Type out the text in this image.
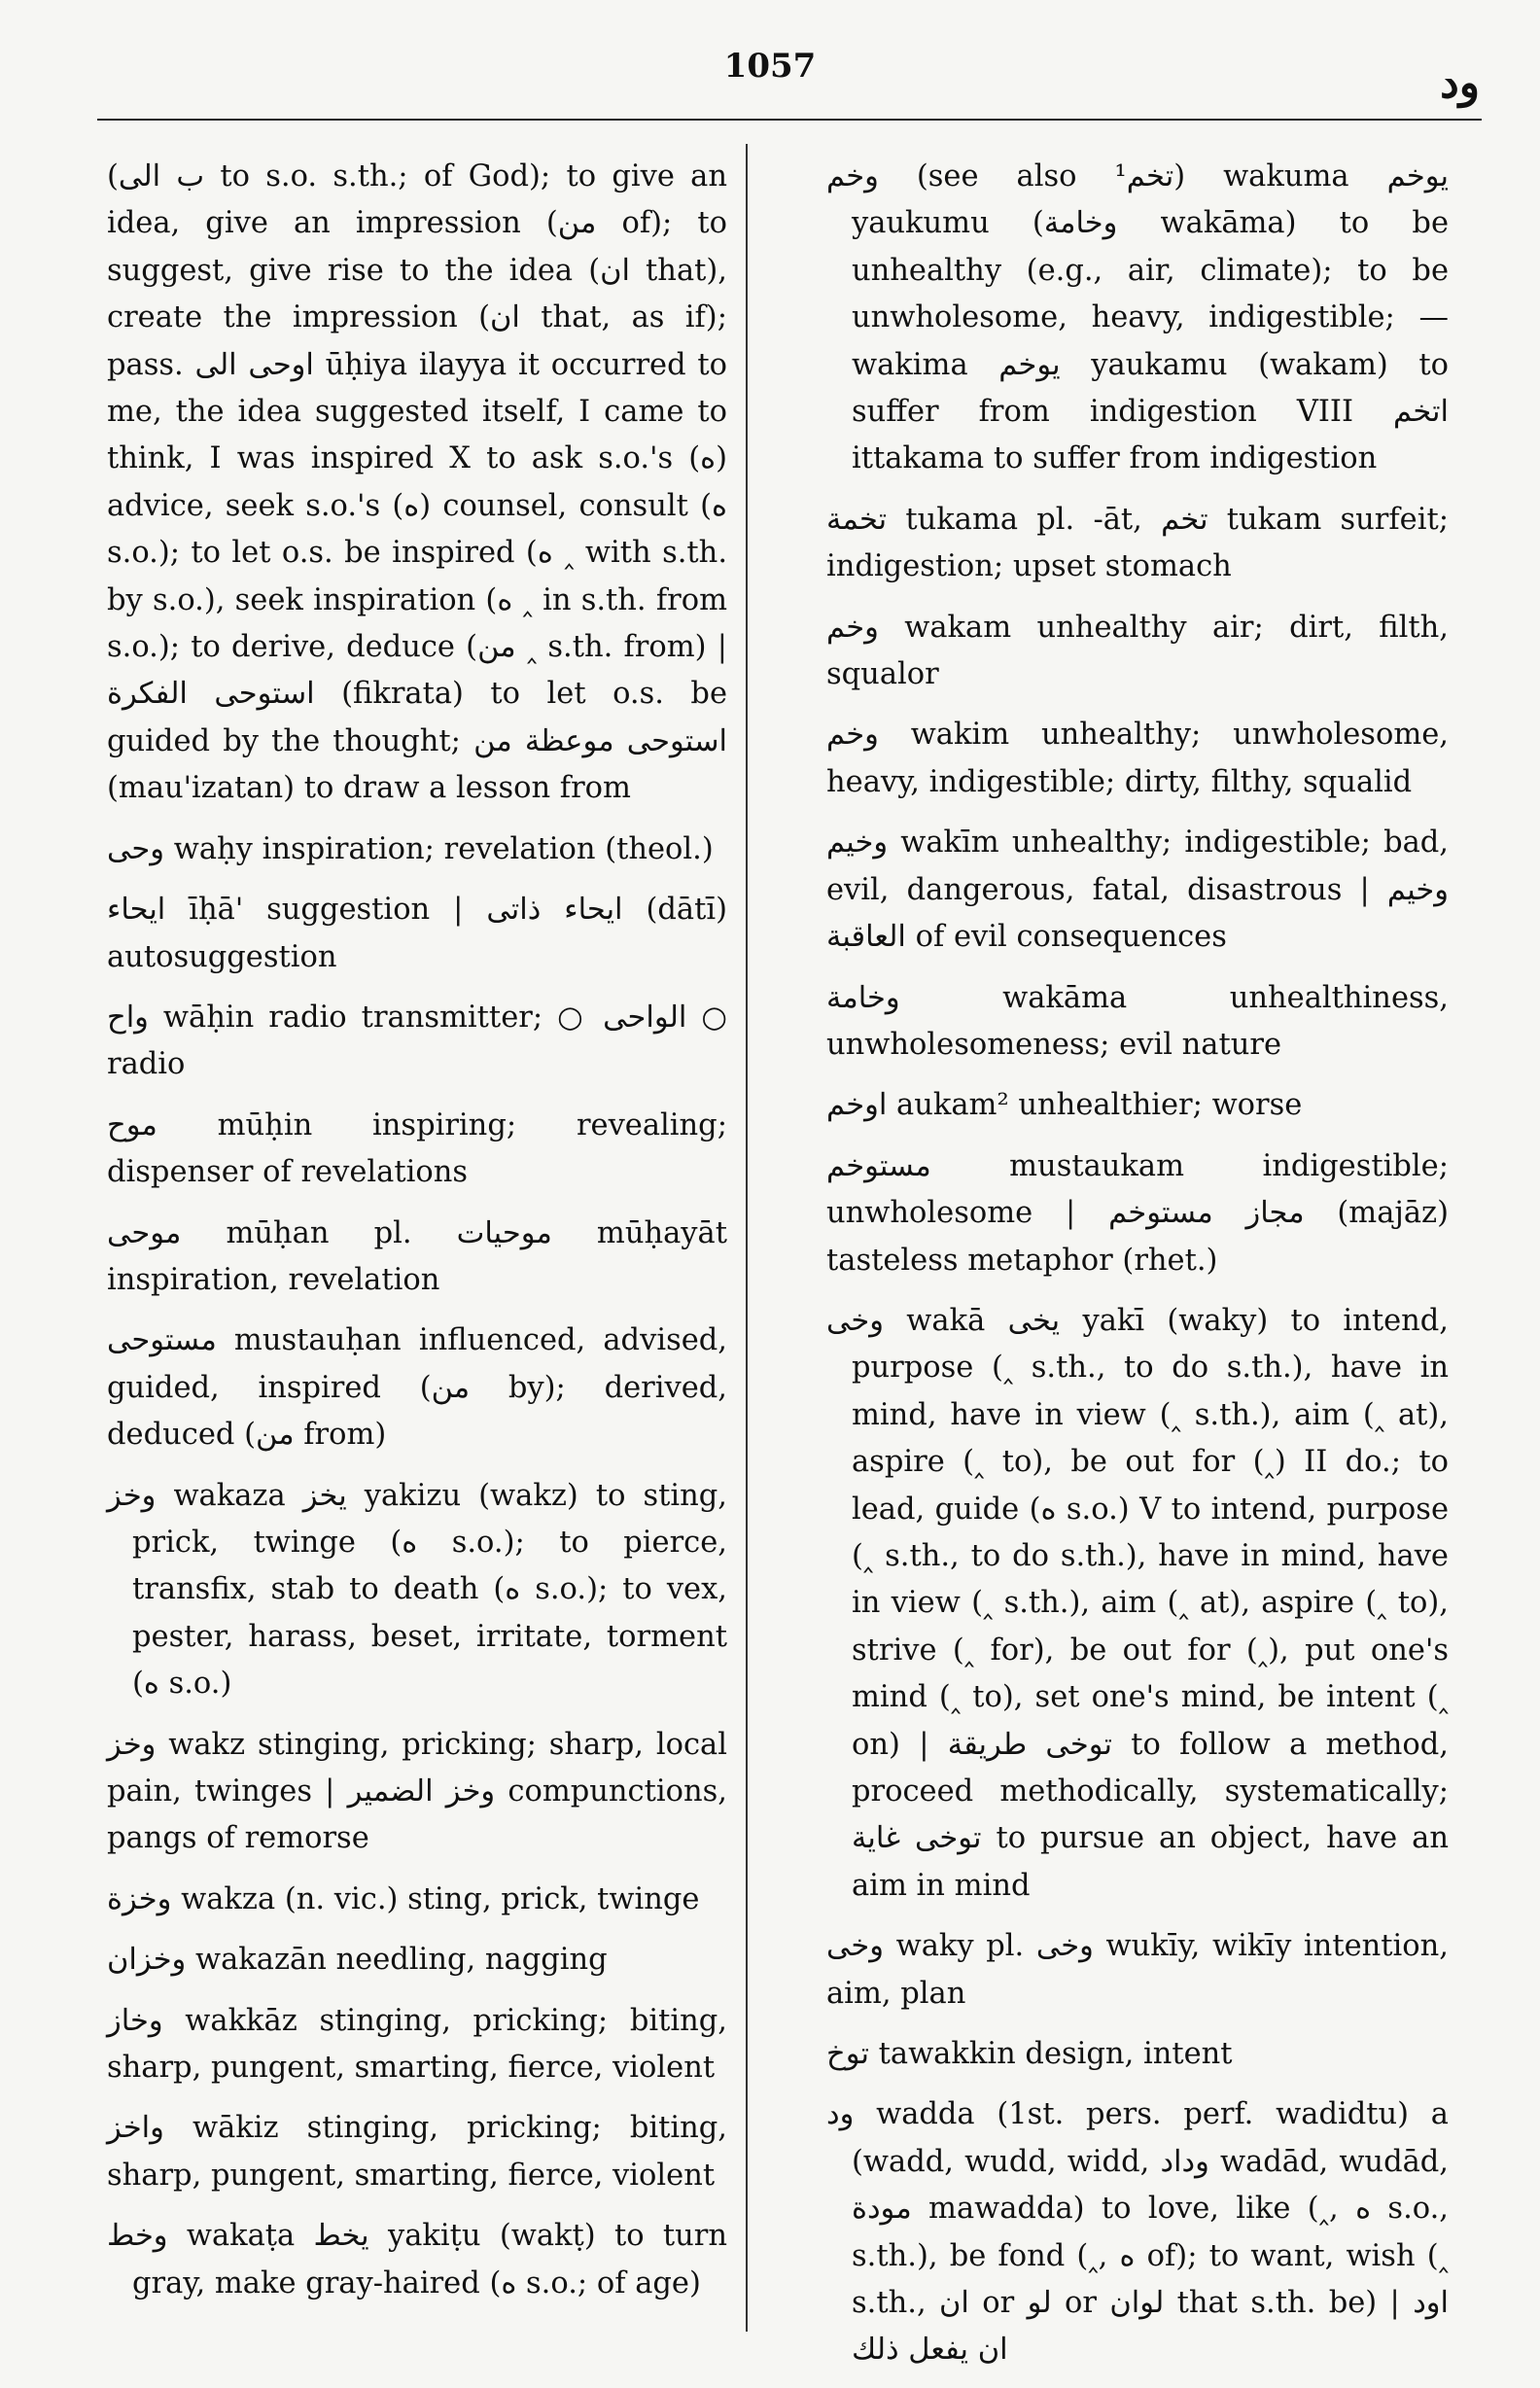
1057	ود

(ب الى to s.o. s.th.; of God); to give an idea, give an impression (من of); to suggest, give rise to the idea (ان that), create the impression (ان that, as if); pass. اوحى الى ūḥiya ilayya it occurred to me, the idea suggested itself, I came to think, I was inspired X to ask s.o.'s (ه) advice, seek s.o.'s (ه) counsel, consult (ه s.o.); to let o.s. be inspired (ه ‸ with s.th. by s.o.), seek inspiration (ه ‸ in s.th. from s.o.); to derive, deduce (من ‸ s.th. from) | استوحى الفكرة (fikrata) to let o.s. be guided by the thought; استوحى موعظة من (mau'izatan) to draw a lesson from

وحى waḥy inspiration; revelation (theol.)

ايحاء īḥā' suggestion | ايحاء ذاتى (dātī) autosuggestion

واح wāḥin radio transmitter; ○ الواحى ○ radio

موح mūḥin inspiring; revealing; dispenser of revelations

موحى mūḥan pl. موحيات mūḥayāt inspiration, revelation

مستوحى mustauḥan influenced, advised, guided, inspired (من by); derived, deduced (من from)

وخز wakaza يخز yakizu (wakz) to sting, prick, twinge (ه s.o.); to pierce, transfix, stab to death (ه s.o.); to vex, pester, harass, beset, irritate, torment (ه s.o.)

وخز wakz stinging, pricking; sharp, local pain, twinges | وخز الضمير compunctions, pangs of remorse

وخزة wakza (n. vic.) sting, prick, twinge

وخزان wakazān needling, nagging

وخاز wakkāz stinging, pricking; biting, sharp, pungent, smarting, fierce, violent

واخز wākiz stinging, pricking; biting, sharp, pungent, smarting, fierce, violent

وخط wakaṭa يخط yakiṭu (wakṭ) to turn gray, make gray-haired (ه s.o.; of age)

وخم (see also ¹تخم) wakuma يوخم yaukumu (وخامة wakāma) to be unhealthy (e.g., air, climate); to be unwholesome, heavy, indigestible; — wakima يوخم yaukamu (wakam) to suffer from indigestion VIII اتخم ittakama to suffer from indigestion

تخمة tukama pl. -āt, تخم tukam surfeit; indigestion; upset stomach

وخم wakam unhealthy air; dirt, filth, squalor

وخم wakim unhealthy; unwholesome, heavy, indigestible; dirty, filthy, squalid

وخيم wakīm unhealthy; indigestible; bad, evil, dangerous, fatal, disastrous | وخيم العاقبة of evil consequences

وخامة wakāma unhealthiness, unwholesomeness; evil nature

اوخم aukam² unhealthier; worse

مستوخم mustaukam indigestible; unwholesome | مجاز مستوخم (majāz) tasteless metaphor (rhet.)

وخى wakā يخى yakī (waky) to intend, purpose (‸ s.th., to do s.th.), have in mind, have in view (‸ s.th.), aim (‸ at), aspire (‸ to), be out for (‸) II do.; to lead, guide (ه s.o.) V to intend, purpose (‸ s.th., to do s.th.), have in mind, have in view (‸ s.th.), aim (‸ at), aspire (‸ to), strive (‸ for), be out for (‸), put one's mind (‸ to), set one's mind, be intent (‸ on) | توخى طريقة to follow a method, proceed methodically, systematically; توخى غاية to pursue an object, have an aim in mind

وخى waky pl. وخى wukīy, wikīy intention, aim, plan

توخ tawakkin design, intent

ود wadda (1st. pers. perf. wadidtu) a (wadd, wudd, widd, وداد wadād, wudād, مودة mawadda) to love, like (‸, ه s.o., s.th.), be fond (‸, ه of); to want, wish (‸ s.th., ان or لو or لوان that s.th. be) | اود ان يفعل ذلك
